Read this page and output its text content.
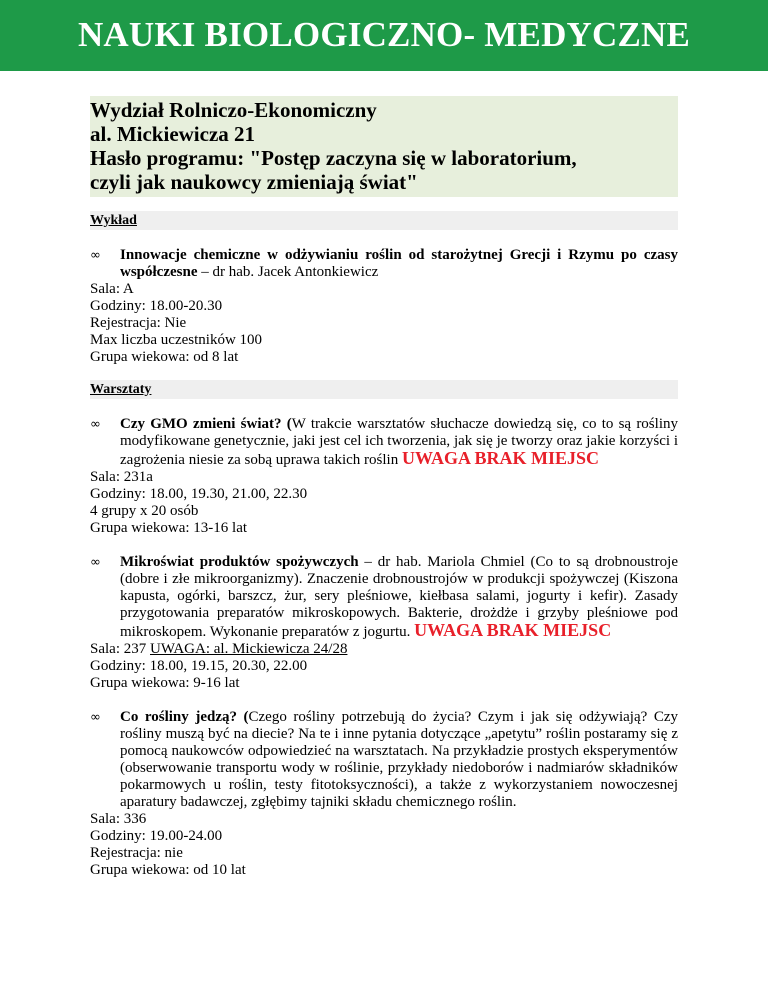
NAUKI BIOLOGICZNO- MEDYCZNE
Wydział Rolniczo-Ekonomiczny
al. Mickiewicza 21
Hasło programu: "Postęp zaczyna się w laboratorium,
czyli jak naukowcy zmieniają świat"
Wykład
∞	Innowacje chemiczne w odżywianiu roślin od starożytnej Grecji i Rzymu po czasy współczesne – dr hab. Jacek Antonkiewicz
Sala: A
Godziny: 18.00-20.30
Rejestracja: Nie
Max liczba uczestników 100
Grupa wiekowa: od 8 lat
Warsztaty
∞	Czy GMO zmieni świat? (W trakcie warsztatów słuchacze dowiedzą się, co to są rośliny modyfikowane genetycznie, jaki jest cel ich tworzenia, jak się je tworzy oraz jakie korzyści i zagrożenia niesie za sobą uprawa takich roślin UWAGA BRAK MIEJSC
Sala: 231a
Godziny: 18.00, 19.30, 21.00, 22.30
4 grupy x 20 osób
Grupa wiekowa: 13-16 lat
∞	Mikroświat produktów spożywczych – dr hab. Mariola Chmiel (Co to są drobnoustroje (dobre i złe mikroorganizmy). Znaczenie drobnoustrojów w produkcji spożywczej (Kiszona kapusta, ogórki, barszcz, żur, sery pleśniowe, kiełbasa salami, jogurty i kefir). Zasady przygotowania preparatów mikroskopowych. Bakterie, drożdże i grzyby pleśniowe pod mikroskopem. Wykonanie preparatów z jogurtu. UWAGA BRAK MIEJSC
Sala: 237 UWAGA: al. Mickiewicza 24/28
Godziny: 18.00, 19.15, 20.30, 22.00
Grupa wiekowa: 9-16 lat
∞	Co rośliny jedzą? (Czego rośliny potrzebują do życia? Czym i jak się odżywiają? Czy rośliny muszą być na diecie? Na te i inne pytania dotyczące „apetytu” roślin postaramy się z pomocą naukowców odpowiedzieć na warsztatach. Na przykładzie prostych eksperymentów (obserwowanie transportu wody w roślinie, przykłady niedoborów i nadmiarów składników pokarmowych u roślin, testy fitotoksyczności), a także z wykorzystaniem nowoczesnej aparatury badawczej, zgłębimy tajniki składu chemicznego roślin.
Sala: 336
Godziny: 19.00-24.00
Rejestracja: nie
Grupa wiekowa: od 10 lat
